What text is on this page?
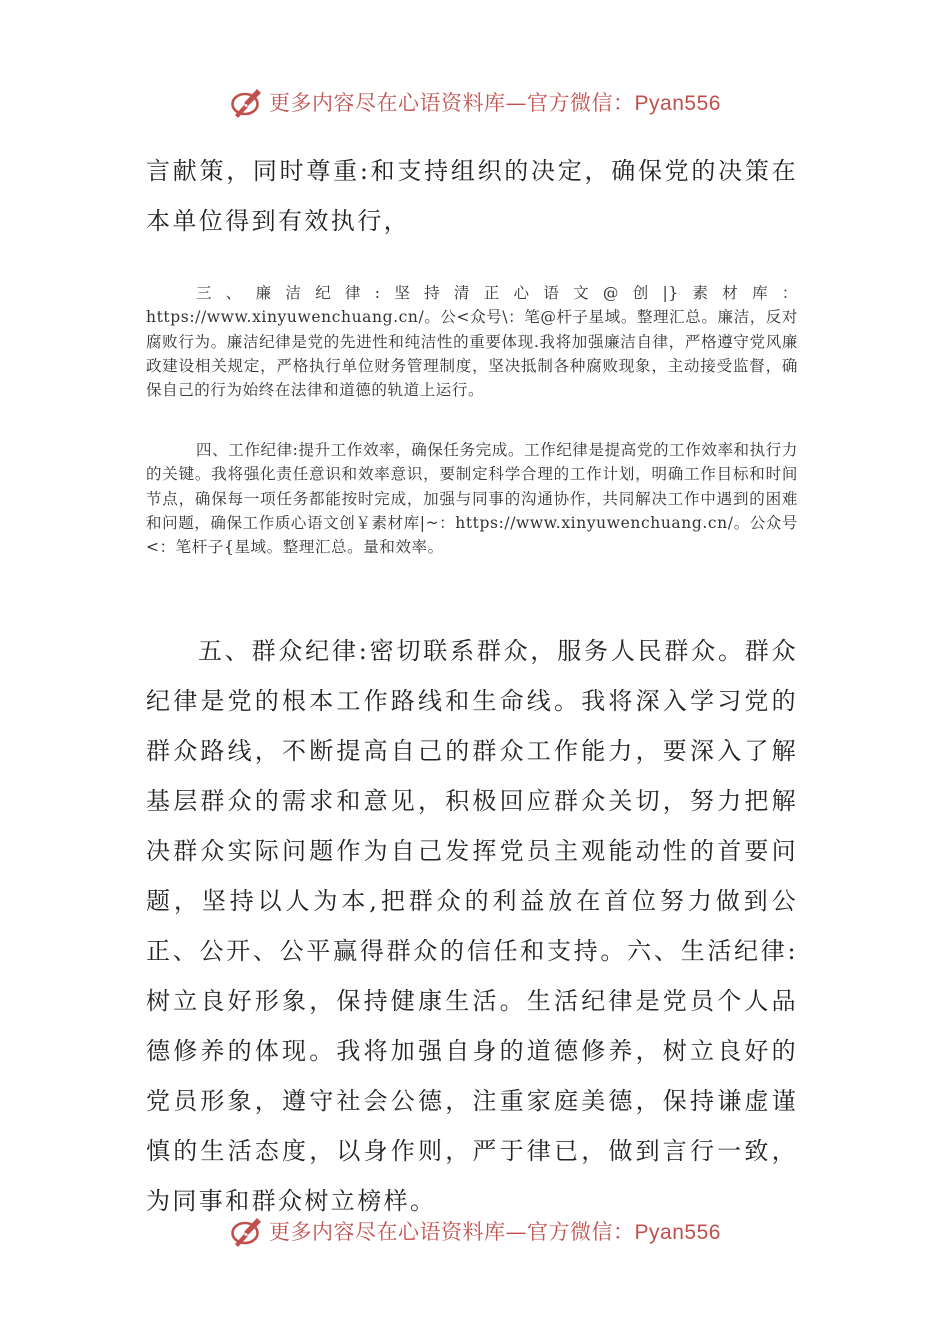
更多内容尽在心语资料库—官方微信：Pyan556

言献策，同时尊重:和支持组织的决定，确保党的决策在本单位得到有效执行，

三、廉洁纪律:坚持清正心语文@创|}素材库：https://www.xinyuwenchuang.cn/。公<众号\：笔@杆子星域。整理汇总。廉洁，反对腐败行为。廉洁纪律是党的先进性和纯洁性的重要体现.我将加强廉洁自律，严格遵守党风廉政建设相关规定，严格执行单位财务管理制度，坚决抵制各种腐败现象，主动接受监督，确保自己的行为始终在法律和道德的轨道上运行。

四、工作纪律:提升工作效率，确保任务完成。工作纪律是提高党的工作效率和执行力的关键。我将强化责任意识和效率意识，要制定科学合理的工作计划，明确工作目标和时间节点，确保每一项任务都能按时完成，加强与同事的沟通协作，共同解决工作中遇到的困难和问题，确保工作质心语文创￥素材库|~：https://www.xinyuwenchuang.cn/。公众号<：笔杆子{星域。整理汇总。量和效率。

五、群众纪律:密切联系群众，服务人民群众。群众纪律是党的根本工作路线和生命线。我将深入学习党的群众路线，不断提高自己的群众工作能力，要深入了解基层群众的需求和意见，积极回应群众关切，努力把解决群众实际问题作为自己发挥党员主观能动性的首要问题，坚持以人为本,把群众的利益放在首位努力做到公正、公开、公平赢得群众的信任和支持。六、生活纪律:树立良好形象，保持健康生活。生活纪律是党员个人品德修养的体现。我将加强自身的道德修养，树立良好的党员形象，遵守社会公德，注重家庭美德，保持谦虚谨慎的生活态度，以身作则，严于律已，做到言行一致，为同事和群众树立榜样。

更多内容尽在心语资料库—官方微信：Pyan556
